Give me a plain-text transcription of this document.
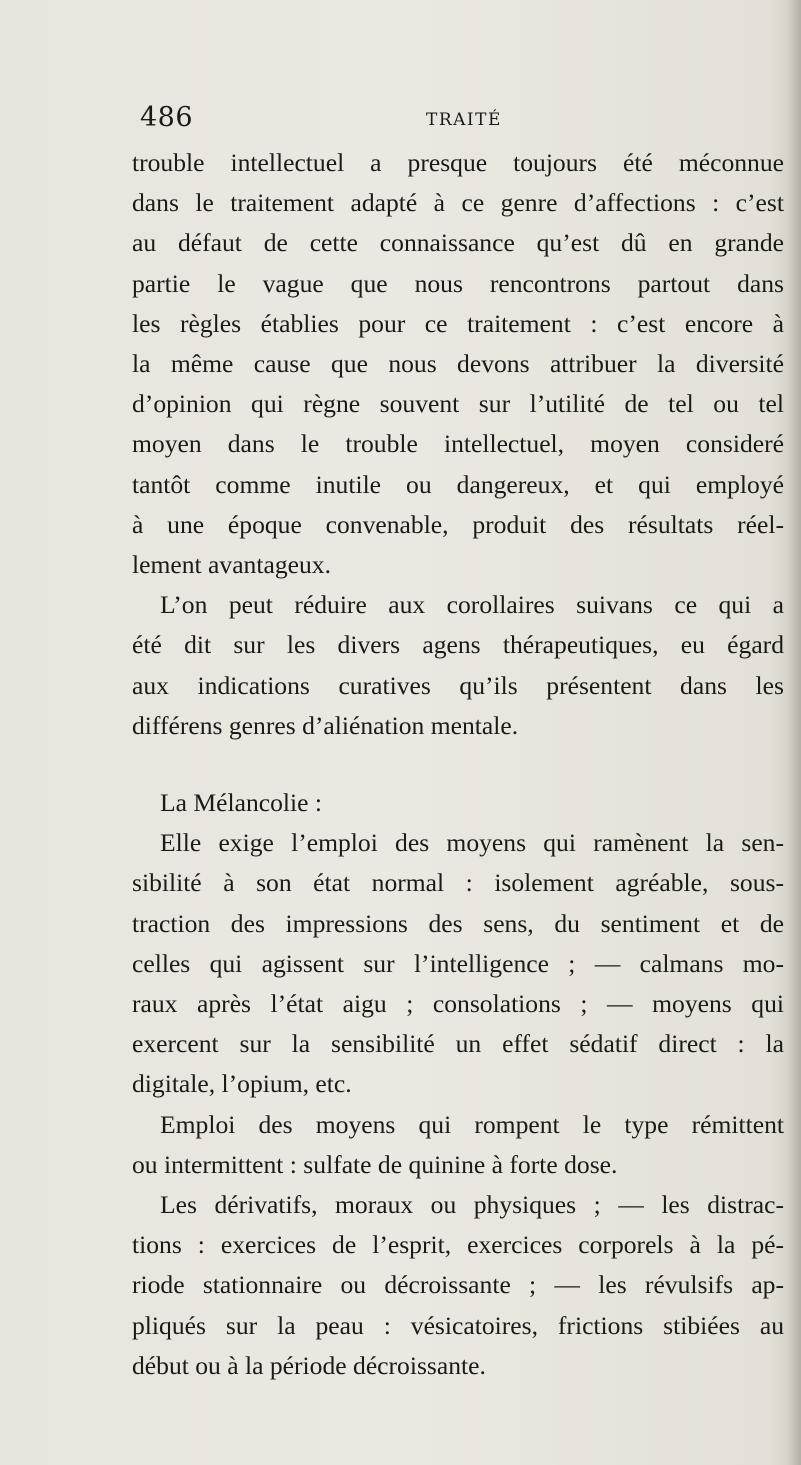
486	TRAITÉ

trouble intellectuel a presque toujours été méconnue

dans le traitement adapté à ce genre d’affections : c’est

au défaut de cette connaissance qu’est dû en grande

partie le vague que nous rencontrons partout dans

les règles établies pour ce traitement : c’est encore à

la même cause que nous devons attribuer la diversité

d’opinion qui règne souvent sur l’utilité de tel ou tel

moyen dans le trouble intellectuel, moyen consideré

tantôt comme inutile ou dangereux, et qui employé

à une époque convenable, produit des résultats réel-

lement avantageux.

L’on peut réduire aux corollaires suivans ce qui a

été dit sur les divers agens thérapeutiques, eu égard

aux indications curatives qu’ils présentent dans les

différens genres d’aliénation mentale.

La Mélancolie :

Elle exige l’emploi des moyens qui ramènent la sen-

sibilité à son état normal : isolement agréable, sous-

traction des impressions des sens, du sentiment et de

celles qui agissent sur l’intelligence ; — calmans mo-

raux après l’état aigu ; consolations ; — moyens qui

exercent sur la sensibilité un effet sédatif direct : la

digitale, l’opium, etc.

Emploi des moyens qui rompent le type rémittent

ou intermittent : sulfate de quinine à forte dose.

Les dérivatifs, moraux ou physiques ; — les distrac-

tions : exercices de l’esprit, exercices corporels à la pé-

riode stationnaire ou décroissante ; — les révulsifs ap-

pliqués sur la peau : vésicatoires, frictions stibiées au

début ou à la période décroissante.
